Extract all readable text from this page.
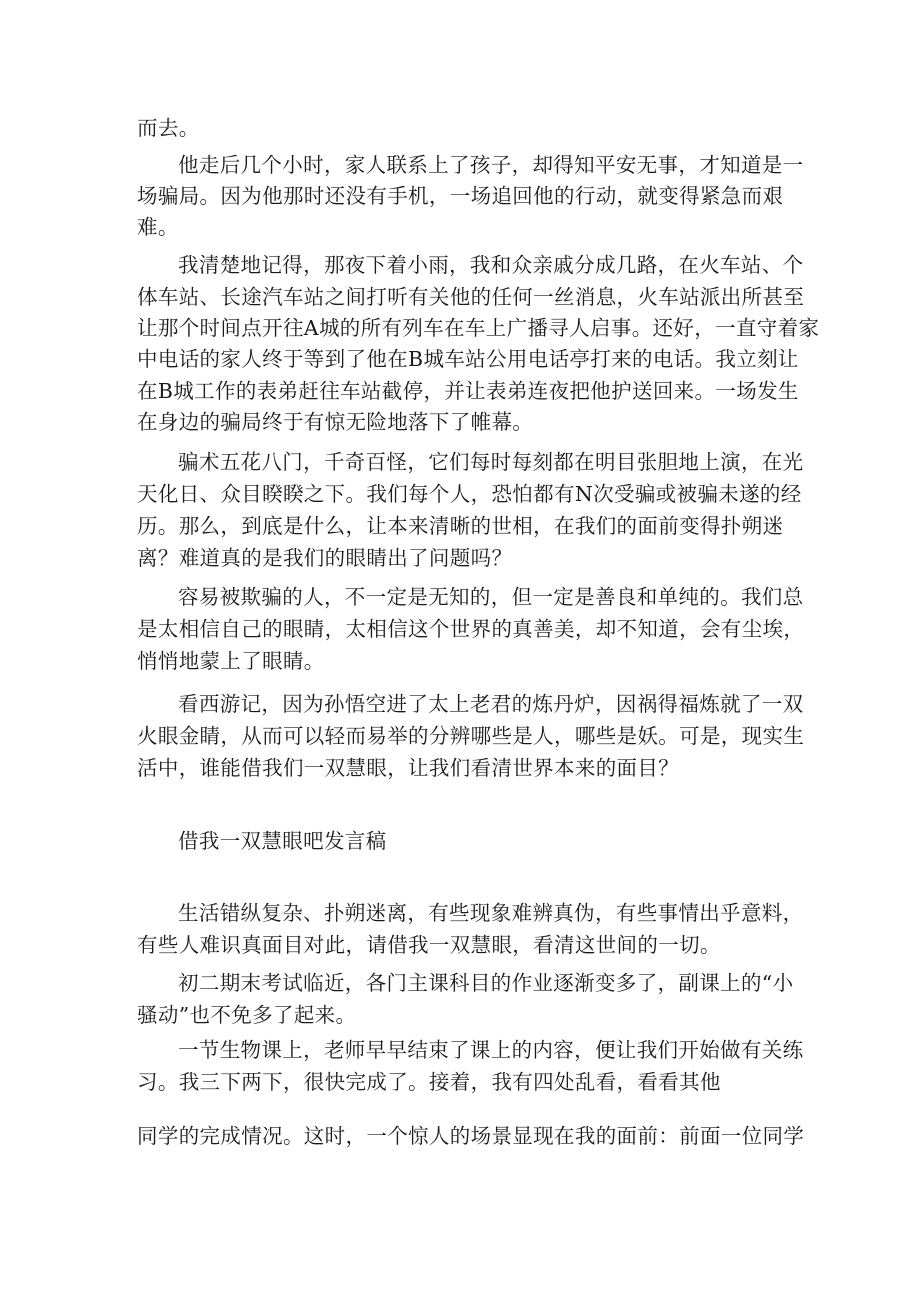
而去。
他走后几个小时，家人联系上了孩子，却得知平安无事，才知道是一
场骗局。因为他那时还没有手机，一场追回他的行动，就变得紧急而艰
难。
我清楚地记得，那夜下着小雨，我和众亲戚分成几路，在火车站、个
体车站、长途汽车站之间打听有关他的任何一丝消息，火车站派出所甚至
让那个时间点开往A城的所有列车在车上广播寻人启事。还好，一直守着家
中电话的家人终于等到了他在B城车站公用电话亭打来的电话。我立刻让
在B城工作的表弟赶往车站截停，并让表弟连夜把他护送回来。一场发生
在身边的骗局终于有惊无险地落下了帷幕。
骗术五花八门，千奇百怪，它们每时每刻都在明目张胆地上演，在光
天化日、众目睽睽之下。我们每个人，恐怕都有N次受骗或被骗未遂的经
历。那么，到底是什么，让本来清晰的世相，在我们的面前变得扑朔迷
离？难道真的是我们的眼睛出了问题吗？
容易被欺骗的人，不一定是无知的，但一定是善良和单纯的。我们总
是太相信自己的眼睛，太相信这个世界的真善美，却不知道，会有尘埃，
悄悄地蒙上了眼睛。
看西游记，因为孙悟空进了太上老君的炼丹炉，因祸得福炼就了一双
火眼金睛，从而可以轻而易举的分辨哪些是人，哪些是妖。可是，现实生
活中，谁能借我们一双慧眼，让我们看清世界本来的面目？
借我一双慧眼吧发言稿
生活错纵复杂、扑朔迷离，有些现象难辨真伪，有些事情出乎意料，
有些人难识真面目对此，请借我一双慧眼，看清这世间的一切。
初二期末考试临近，各门主课科目的作业逐渐变多了，副课上的“小
骚动”也不免多了起来。
一节生物课上，老师早早结束了课上的内容，便让我们开始做有关练
习。我三下两下，很快完成了。接着，我有四处乱看，看看其他
同学的完成情况。这时，一个惊人的场景显现在我的面前：前面一位同学
